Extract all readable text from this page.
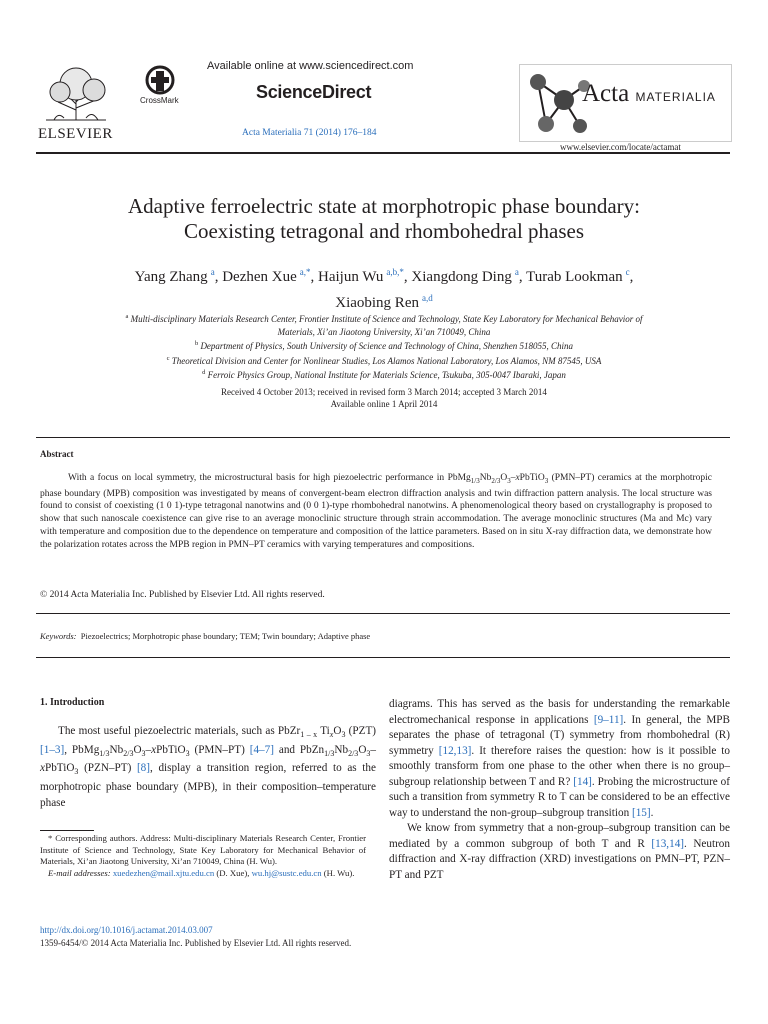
ELSEVIER
CrossMark
Available online at www.sciencedirect.com
ScienceDirect
Acta Materialia 71 (2014) 176–184
Acta MATERIALIA
www.elsevier.com/locate/actamat
Adaptive ferroelectric state at morphotropic phase boundary:
Coexisting tetragonal and rhombohedral phases
Yang Zhang  $^a$, Dezhen Xue  $^{a,*}$, Haijun Wu  $^{a,b,*}$, Xiangdong Ding  $^a$, Turab Lookman  $^c$,
Xiaobing Ren  $^{a,d}$
$^a$ Multi-disciplinary Materials Research Center, Frontier Institute of Science and Technology, State Key Laboratory for Mechanical Behavior of
Materials, Xi’an Jiaotong University, Xi’an 710049, China
$^b$ Department of Physics, South University of Science and Technology of China, Shenzhen 518055, China
$^c$ Theoretical Division and Center for Nonlinear Studies, Los Alamos National Laboratory, Los Alamos, NM 87545, USA
$^d$ Ferroic Physics Group, National Institute for Materials Science, Tsukuba, 305-0047 Ibaraki, Japan
Received 4 October 2013; received in revised form 3 March 2014; accepted 3 March 2014
Available online 1 April 2014
Abstract

With a focus on local symmetry, the microstructural basis for high piezoelectric performance in $PbMg_{1/3}Nb_{2/3}O_3-xPbTiO_3$ (PMN–PT) ceramics at the morphotropic phase boundary (MPB) composition was investigated by means of convergent-beam electron diffraction analysis and twin diffraction pattern analysis. The local structure was found to consist of coexisting (1 0 1)-type tetragonal nanotwins and (0 0 1)-type rhombohedral nanotwins. A phenomenological theory based on crystallography is proposed to show that such nanoscale coexistence can give rise to an average monoclinic structure through strain accommodation. The average monoclinic structures (Ma and Mc) vary with temperature and composition due to the dependence on temperature and composition of the lattice parameters. Based on in situ X-ray diffraction data, we demonstrate how the polarization rotates across the MPB region in PMN–PT ceramics with varying temperatures and compositions.

© 2014 Acta Materialia Inc. Published by Elsevier Ltd. All rights reserved.
Keywords: Piezoelectrics; Morphotropic phase boundary; TEM; Twin boundary; Adaptive phase
1. Introduction

The most useful piezoelectric materials, such as PbZr$_{1 - x}$ $Ti_xO_3$ (PZT) [1–3], $PbMg_{1/3}Nb_{2/3}O_3-xPbTiO_3$ (PMN–PT) [4–7] and $PbZn_{1/3}Nb_{2/3}O_3-xPbTiO_3$ (PZN–PT) [8], display a transition region, referred to as the morphotropic phase boundary (MPB), in their composition–temperature phase

* Corresponding authors. Address: Multi-disciplinary Materials Research Center, Frontier Institute of Science and Technology, State Key Laboratory for Mechanical Behavior of Materials, Xi’an Jiaotong University, Xi’an 710049, China (H. Wu).
E-mail addresses: xuedezhen@mail.xjtu.edu.cn (D. Xue), wu.hj@sustc.edu.cn (H. Wu).
http://dx.doi.org/10.1016/j.actamat.2014.03.007
1359-6454/© 2014 Acta Materialia Inc. Published by Elsevier Ltd. All rights reserved.

diagrams. This has served as the basis for understanding the remarkable electromechanical response in applications [9–11]. In general, the MPB separates the phase of tetragonal (T) symmetry from rhombohedral (R) symmetry [12,13]. It therefore raises the question: how is it possible to smoothly transform from one phase to the other when there is no group–subgroup relationship between T and R? [14]. Probing the microstructure of such a transition from symmetry R to T can be considered to be an effective way to understand the non-group–subgroup transition [15].

We know from symmetry that a non-group–subgroup transition can be mediated by a common subgroup of both T and R [13,14]. Neutron diffraction and X-ray diffraction (XRD) investigations on PMN–PT, PZN–PT and PZT
